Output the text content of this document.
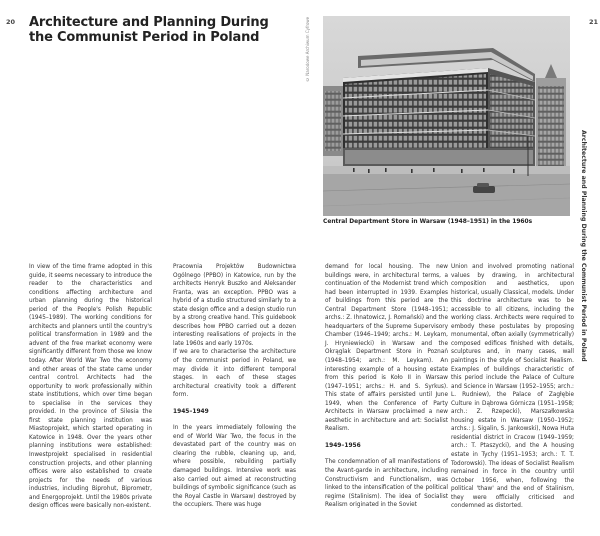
20	21
Architecture and Planning During the Communist Period in Poland
Architecture and Planning During the Communist Period in Poland
© Narodowe Archiwum Cyfrowe
Central Department Store in Warsaw (1948–1951) in the 1960s

In view of the time frame adopted in this guide, it seems necessary to introduce the reader to the characteristics and conditions affecting architecture and urban planning during the historical period of the People's Polish Republic (1945–1989). The working conditions for architects and planners until the country's political transformation in 1989 and the advent of the free market economy were significantly different from those we know today. After World War Two the economy and other areas of the state came under central control. Architects had the opportunity to work professionally within state institutions, which over time began to specialise in the services they provided. In the province of Silesia the first state planning institution was Miastoprojekt, which started operating in Katowice in 1948. Over the years other planning institutions were established: Inwestprojekt specialised in residential construction projects, and other planning offices were also established to create projects for the needs of various industries, including Biprohut, Biprometr, and Energoprojekt. Until the 1980s private design offices were basically non-existent.

Pracownia Projektów Budownictwa Ogólnego (PPBO) in Katowice, run by the architects Henryk Buszko and Aleksander Franta, was an exception. PPBO was a hybrid of a studio structured similarly to a state design office and a design studio run by a strong creative hand. This guidebook describes how PPBO carried out a dozen interesting realisations of projects in the late 1960s and early 1970s.

If we are to characterise the architecture of the communist period in Poland, we may divide it into different temporal stages. In each of these stages architectural creativity took a different form.

1945–1949

In the years immediately following the end of World War Two, the focus in the devastated part of the country was on clearing the rubble, cleaning up, and, where possible, rebuilding partially damaged buildings. Intensive work was also carried out aimed at reconstructing buildings of symbolic significance (such as the Royal Castle in Warsaw) destroyed by the occupiers. There was huge

demand for local housing. The new buildings were, in architectural terms, a continuation of the Modernist trend which had been interrupted in 1939. Examples of buildings from this period are the Central Department Store (1948–1951; archs.: Z. Ihnatowicz, J. Romański) and the headquarters of the Supreme Supervisory Chamber (1946–1949; archs.: M. Leykam, J. Hryniewiecki) in Warsaw and the Okrąglak Department Store in Poznań (1948–1954; arch.: M. Leykam). An interesting example of a housing estate from this period is Koło II in Warsaw (1947–1951; archs.: H. and S. Syrkus). This state of affairs persisted until June 1949, when the Conference of Party Architects in Warsaw proclaimed a new aesthetic in architecture and art: Socialist Realism.

1949–1956

The condemnation of all manifestations of the Avant-garde in architecture, including Constructivism and Functionalism, was linked to the intensification of the political regime (Stalinism). The idea of Socialist Realism originated in the Soviet

Union and involved promoting national values by drawing, in architectural composition and aesthetics, upon historical, usually Classical, models. Under this doctrine architecture was to be accessible to all citizens, including the working class. Architects were required to embody these postulates by proposing monumental, often axially (symmetrically) composed edifices finished with details, sculptures and, in many cases, wall paintings in the style of Socialist Realism. Examples of buildings characteristic of this period include the Palace of Culture and Science in Warsaw (1952–1955; arch.: L. Rudniew), the Palace of Zagłębie Culture in Dąbrowa Górnicza (1951–1958; arch.: Z. Rzepecki), Marszałkowska housing estate in Warsaw (1950–1952; archs.: J. Sigalin, S. Jankowski), Nowa Huta residential district in Cracow (1949–1959; arch.: T. Ptaszycki), and the A housing estate in Tychy (1951–1953; arch.: T. T. Todorowski). The ideas of Socialist Realism remained in force in the country until October 1956, when, following the political 'thaw' and the end of Stalinism, they were officially criticised and condemned as distorted.
